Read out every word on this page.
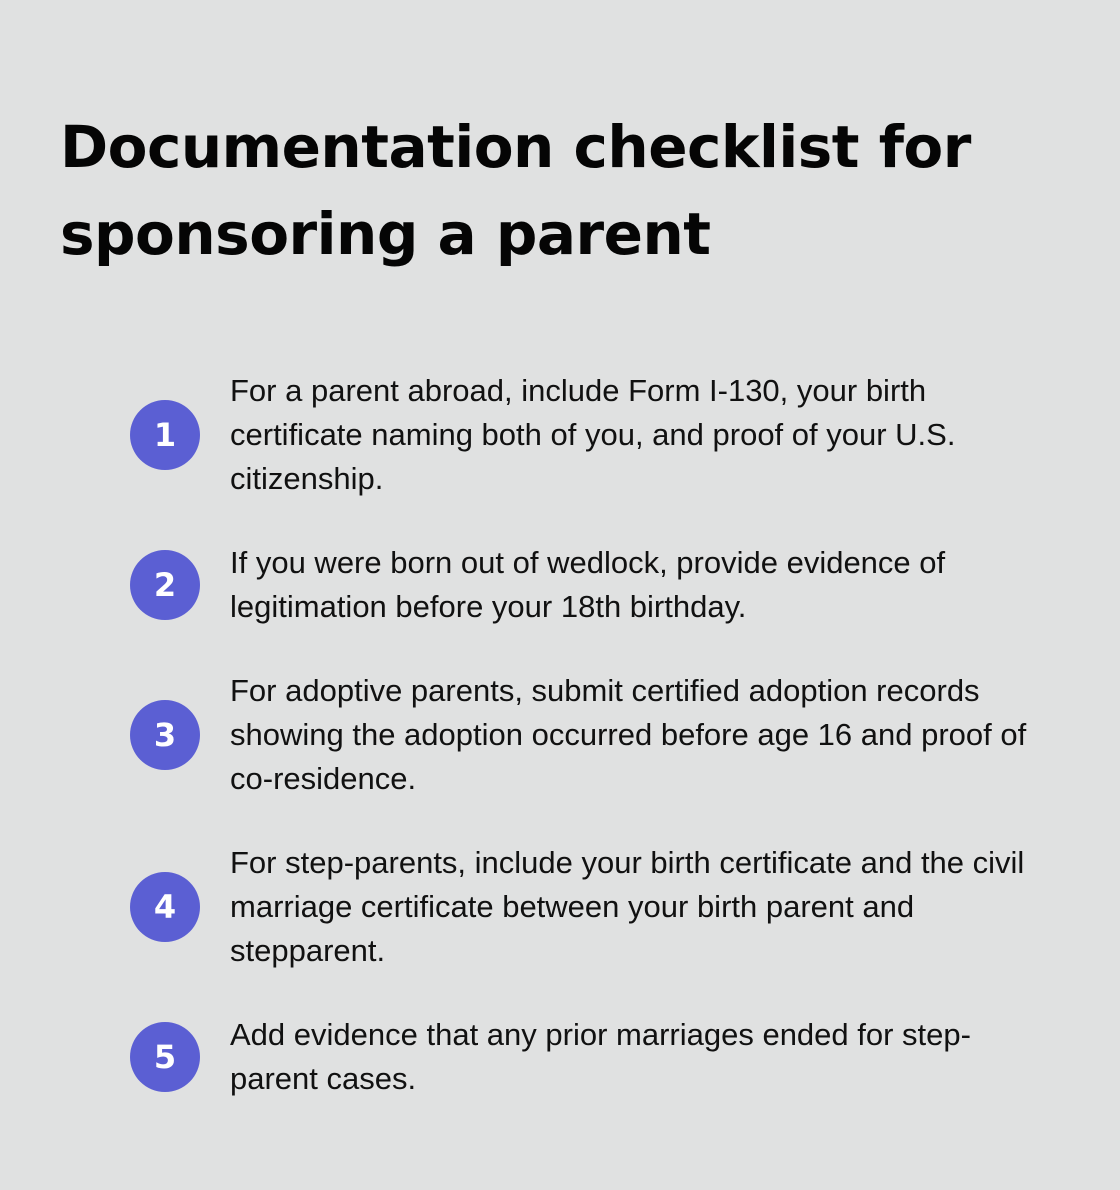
Documentation checklist for sponsoring a parent
1

For a parent abroad, include Form I-130, your birth certificate naming both of you, and proof of your U.S. citizenship.

2

If you were born out of wedlock, provide evidence of legitimation before your 18th birthday.

3

For adoptive parents, submit certified adoption records showing the adoption occurred before age 16 and proof of co-residence.

4

For step-parents, include your birth certificate and the civil marriage certificate between your birth parent and stepparent.

5

Add evidence that any prior marriages ended for step-parent cases.
